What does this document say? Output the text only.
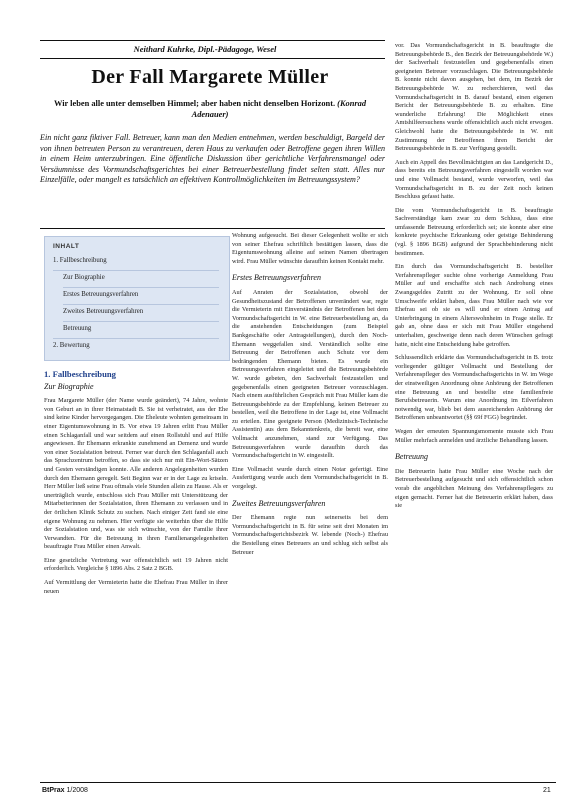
Neithard Kuhrke, Dipl.-Pädagoge, Wesel
Der Fall Margarete Müller
Wir leben alle unter demselben Himmel; aber haben nicht denselben Horizont. (Konrad Adenauer)
Ein nicht ganz fiktiver Fall. Betreuer, kann man den Medien entnehmen, werden beschuldigt, Bargeld der von ihnen betreuten Person zu verantreuen, deren Haus zu verkaufen oder Betroffene gegen ihren Willen in einem Heim unterzubringen. Eine öffentliche Diskussion über gerichtliche Verfahrensmangel oder Versäumnisse des Vormundschaftsgerichtes bei einer Betreuerbestellung findet selten statt. Alles nur Einzelfälle, oder mangelt es tatsächlich an effektiven Kontrollmöglichkeiten im Betreuungssystem?
INHALT
1. Fallbeschreibung
Zur Biographie
Erstes Betreuungsverfahren
Zweites Betreuungsverfahren
Betreuung
2. Bewertung
1. Fallbeschreibung
Zur Biographie

Frau Margarete Müller (der Name wurde geändert), 74 Jahre, wohnte von Geburt an in ihrer Heimatstadt B. Sie ist verheiratet, aus der Ehe sind keine Kinder hervorgegangen. Die Eheleute wohnten gemeinsam in einer Eigentumswohnung in B. Vor etwa 19 Jahren erlitt Frau Müller einen Schlaganfall und war seitdem auf einen Rollstuhl und auf Hilfe angewiesen. Ihr Ehemann erkrankte zunehmend an Demenz und wurde von einer Sozialstation betreut. Ferner war durch den Schlaganfall auch das Sprachzentrum betroffen, so dass sie sich nur mit Ein-Wort-Sätzen und Gesten verständigen konnte. Alle anderen Angelegenheiten wurden durch den Ehemann geregelt. Seit Beginn war er in der Lage zu kriseln. Herr Müller ließ seine Frau oftmals viele Stunden allein zu Hause. Als er unerträglich wurde, entschloss sich Frau Müller mit Unterstützung der Mitarbeiterinnen der Sozialstation, ihren Ehemann zu verlassen und in der örtlichen Klinik Schutz zu suchen. Nach einiger Zeit fand sie eine eigene Wohnung zu nehmen. Hier verfügte sie weiterhin über die Hilfe der Sozialstation und, was sie sich wünschte, von der Familie ihrer Verwandten. Für die Betreuung in ihren Familienangelegenheiten beauftragte Frau Müller einen Anwalt.

Eine gesetzliche Vertretung war offensichtlich seit 19 Jahren nicht erforderlich. Vergleiche § 1896 Abs. 2 Satz 2 BGB.

Auf Vermittlung der Vermieterin hatte die Ehefrau Frau Müller in ihrer neuen

Wohnung aufgesucht. Bei dieser Gelegenheit wollte er sich von seiner Ehefrau schriftlich bestätigen lassen, dass die Eigentumswohnung alleine auf seinen Namen übertragen wird. Frau Müller wünschte daraufhin keinen Kontakt mehr.

Erstes Betreuungsverfahren

Auf Anraten der Sozialstation, obwohl der Gesundheitszustand der Betroffenen unverändert war, regte die Vermieterin mit Einverständnis der Betroffenen bei dem Vormundschaftsgericht in W. eine Betreuerbestellung an, da die anstehenden Entscheidungen (zum Beispiel Bankgeschäfte oder Antragstellungen), durch den Noch-Ehemann weggefallen sind. Verständlich sollte eine Betreuung der Betroffenen auch Schutz vor dem bedrängenden Ehemann bieten. Es wurde ein Betreuungsverfahren eingeleitet und die Betreuungsbehörde W. wurde gebeten, den Sachverhalt festzustellen und gegebenenfalls einen geeigneten Betreuer vorzuschlagen. Nach einem ausführlichen Gespräch mit Frau Müller kam die Betreuungsbehörde zu der Empfehlung, keinen Betreuer zu bestellen, weil die Betroffene in der Lage ist, eine Vollmacht zu erteilen. Eine geeignete Person (Medizinisch-Technische Assistentin) aus dem Bekanntenkreis, die bereit war, eine Vollmacht anzunehmen, stand zur Verfügung. Das Betreuungsverfahren wurde daraufhin durch das Vormundschaftsgericht in W. eingestellt.

Eine Vollmacht wurde durch einen Notar gefertigt. Eine Ausfertigung wurde auch dem Vormundschaftsgericht in B. vorgelegt.

Zweites Betreuungsverfahren

Der Ehemann regte nun seinerseits bei dem Vormundschaftsgericht in B. für seine seit drei Monaten im Vormundschaftsgerichtsbezirk W. lebende (Noch-) Ehefrau die Bestellung eines Betreuers an und schlug sich selbst als Betreuer

vor. Das Vormundschaftsgericht in B. beauftragte die Betreuungsbehörde B., den Bezirk der Betreuungsbehörde W.) der Sachverhalt festzustellen und gegebenenfalls einen geeigneten Betreuer vorzuschlagen. Die Betreuungsbehörde B. konnte nicht davon ausgehen, bei dem, im Bezirk der Betreuungsbehörde W. zu recherchieren, weil das Vormundschaftsgericht in B. darauf bestand, einen eigenen Bericht der Betreuungsbehörde B. zu erhalten. Eine wunderliche Erfahrung! Die Möglichkeit eines Amtshilfeersuchens wurde offensichtlich auch nicht erwogen. Gleichwohl hatte die Betreuungsbehörde in W. mit Zustimmung der Betroffenen ihren Bericht der Betreuungsbehörde in B. zur Verfügung gestellt.

Auch ein Appell des Bevollmächtigten an das Landgericht D., dass bereits ein Betreuungsverfahren eingestellt worden war und eine Vollmacht bestand, wurde verworfen, weil das Vormundschaftsgericht in B. zu der Zeit noch keinen Beschluss gefasst hatte.

Die vom Vormundschaftsgericht in B. beauftragte Sachverständige kam zwar zu dem Schluss, dass eine umfassende Betreuung erforderlich sei; sie konnte aber eine konkrete psychische Erkrankung oder geistige Behinderung (vgl. § 1896 BGB) aufgrund der Sprachbehinderung nicht bestimmen.

Ein durch das Vormundschaftsgericht B. bestellter Verfahrenspfleger suchte ohne vorherige Anmeldung Frau Müller auf und erschaffte sich nach Androhung eines Zwangsgeldes Zutritt zu der Wohnung. Er soll ohne Umschweife erklärt haben, dass Frau Müller nach wie vor Ehefrau sei ob sie es will und er einen Antrag auf Unterbringung in einem Alterswohnheim in Frage stelle. Er gab an, ohne dass er sich mit Frau Müller eingehend unterhalten, geschweige denn nach deren Wünschen gefragt hatte, nicht eine Entscheidung habe getroffen.

Schlussendlich erklärte das Vormundschaftsgericht in B. trotz vorliegender gültiger Vollmacht und Bestellung der Verfahrenspfleger des Vormundschaftsgerichts in W. im Wege der einstweiligen Anordnung ohne Anhörung der Betroffenen eine Betreuung an und bestellte eine familienfreie Berufsbetreuerin. Warum eine Anordnung im Eilverfahren notwendig war, blieb bei dem ausreichenden Anhörung der Betroffenen unbeantwortet (§§ 69f FGG) begründet.

Wegen der erneuten Spannungsmomente musste sich Frau Müller mehrfach anmelden und ärztliche Behandlung lassen.

Betreuung

Die Betreuerin hatte Frau Müller eine Woche nach der Betreuerbestellung aufgesucht und sich offensichtlich schon vorab die angeblichen Meinung des Verfahrenspflegers zu eigen gemacht. Ferner hat die Betreuerin erklärt haben, dass sie

BtPrax 1/2008	21
